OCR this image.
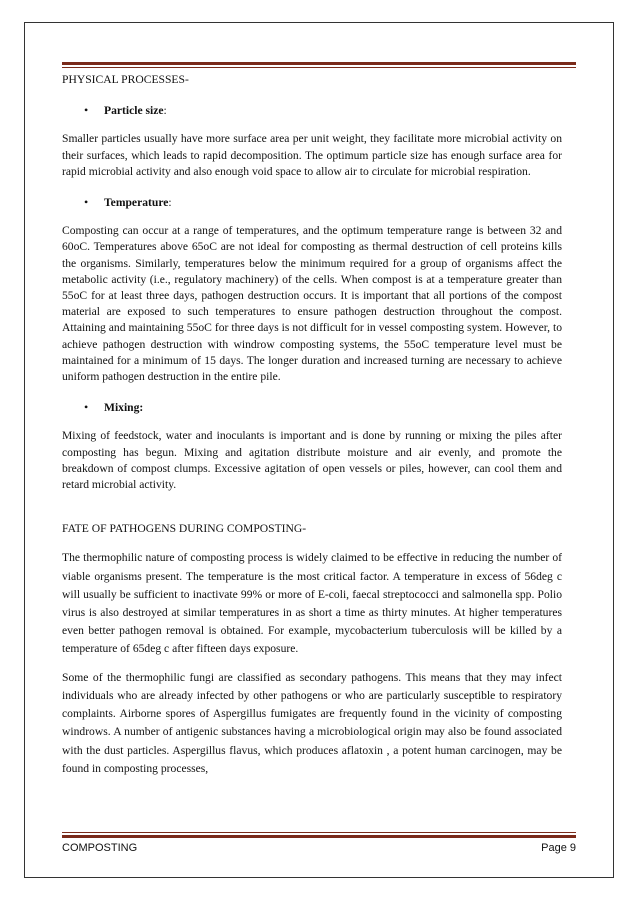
PHYSICAL PROCESSES-

•	Particle size:

Smaller particles usually have more surface area per unit weight, they facilitate more microbial activity on their surfaces, which leads to rapid decomposition. The optimum particle size has enough surface area for rapid microbial activity and also enough void space to allow air to circulate for microbial respiration.

•	Temperature:

Composting can occur at a range of temperatures, and the optimum temperature range is between 32 and 60oC. Temperatures above 65oC are not ideal for composting as thermal destruction of cell proteins kills the organisms. Similarly, temperatures below the minimum required for a group of organisms affect the metabolic activity (i.e., regulatory machinery) of the cells. When compost is at a temperature greater than 55oC for at least three days, pathogen destruction occurs. It is important that all portions of the compost material are exposed to such temperatures to ensure pathogen destruction throughout the compost. Attaining and maintaining 55oC for three days is not difficult for in vessel composting system. However, to achieve pathogen destruction with windrow composting systems, the 55oC temperature level must be maintained for a minimum of 15 days. The longer duration and increased turning are necessary to achieve uniform pathogen destruction in the entire pile.

•	Mixing:

Mixing of feedstock, water and inoculants is important and is done by running or mixing the piles after composting has begun. Mixing and agitation distribute moisture and air evenly, and promote the breakdown of compost clumps. Excessive agitation of open vessels or piles, however, can cool them and retard microbial activity.

FATE OF PATHOGENS DURING COMPOSTING-

The thermophilic nature of composting process is widely claimed to be effective in reducing the number of viable organisms present. The temperature is the most critical factor. A temperature in excess of 56deg c will usually be sufficient to inactivate 99% or more of E-coli, faecal streptococci and salmonella spp. Polio virus is also destroyed at similar temperatures in as short a time as thirty minutes. At higher temperatures even better pathogen removal is obtained. For example, mycobacterium tuberculosis will be killed by a temperature of 65deg c after fifteen days exposure.

Some of the thermophilic fungi are classified as secondary pathogens. This means that they may infect individuals who are already infected by other pathogens or who are particularly susceptible to respiratory complaints. Airborne spores of Aspergillus fumigates are frequently found in the vicinity of composting windrows. A number of antigenic substances having a microbiological origin may also be found associated with the dust particles. Aspergillus flavus, which produces aflatoxin , a potent human carcinogen, may be found in composting processes,

COMPOSTING	Page 9
